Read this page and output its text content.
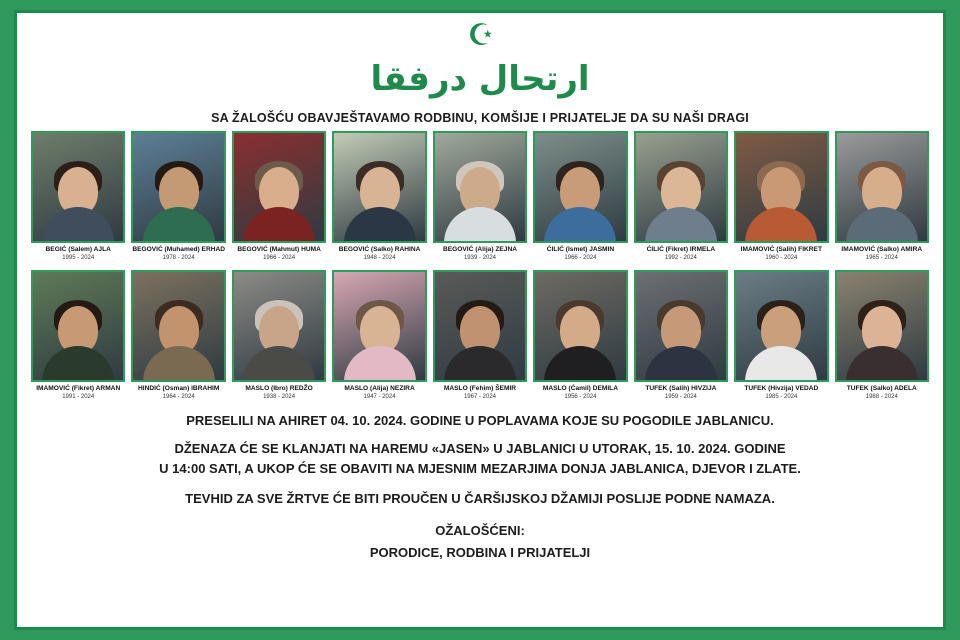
☪
ارتحال درفقا
SA ŽALOŠĆU OBAVJEŠTAVAMO RODBINU, KOMŠIJE I PRIJATELJE DA SU NAŠI DRAGI
BEGIĆ (Salem) AJLA
1995 - 2024
BEGOVIĆ (Muhamed) ERHAD
1978 - 2024
BEGOVIĆ (Mahmut) HUMA
1966 - 2024
BEGOVIĆ (Salko) RAHINA
1948 - 2024
BEGOVIĆ (Alija) ZEJNA
1939 - 2024
ĆILIĆ (Ismet) JASMIN
1966 - 2024
ĆILIĆ (Fikret) IRMELA
1992 - 2024
IMAMOVIĆ (Salih) FIKRET
1960 - 2024
IMAMOVIĆ (Salko) AMIRA
1965 - 2024
IMAMOVIĆ (Fikret) ARMAN
1991 - 2024
HINDIĆ (Osman) IBRAHIM
1964 - 2024
MASLO (Ibro) REDŽO
1938 - 2024
MASLO (Alija) NEZIRA
1947 - 2024
MASLO (Fehim) ŠEMIR
1967 - 2024
MASLO (Ćamil) DEMILA
1956 - 2024
TUFEK (Salih) HIVZIJA
1959 - 2024
TUFEK (Hivzija) VEDAD
1985 - 2024
TUFEK (Salko) ADELA
1988 - 2024
PRESELILI NA AHIRET 04. 10. 2024. GODINE U POPLAVAMA KOJE SU POGODILE JABLANICU.
DŽENAZA ĆE SE KLANJATI NA HAREMU «JASEN» U JABLANICI U UTORAK, 15. 10. 2024. GODINE
U 14:00 SATI, A UKOP ĆE SE OBAVITI NA MJESNIM MEZARJIMA DONJA JABLANICA, DJEVOR I ZLATE.
TEVHID ZA SVE ŽRTVE ĆE BITI PROUČEN U ČARŠIJSKOJ DŽAMIJI POSLIJE PODNE NAMAZA.
OŽALOŠĆENI:
PORODICE, RODBINA I PRIJATELJI
